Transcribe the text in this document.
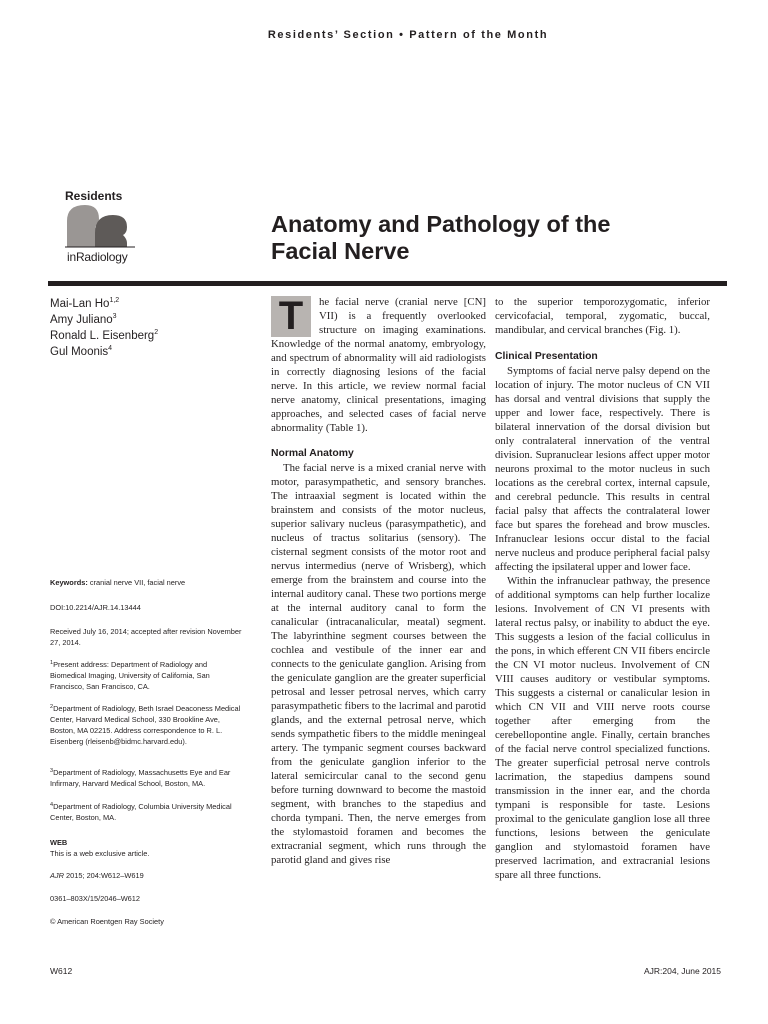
Residents’ Section • Pattern of the Month
Residents
inRadiology
Anatomy and Pathology of the
Facial Nerve
Mai-Lan Ho$^{1,2}$
Amy Juliano$^3$
Ronald L. Eisenberg$^2$
Gul Moonis$^4$
Keywords: cranial nerve VII, facial nerve
DOI:10.2214/AJR.14.13444
Received July 16, 2014; accepted after revision November 27, 2014.
$^1$Present address: Department of Radiology and Biomedical Imaging, University of California, San Francisco, San Francisco, CA.
$^2$Department of Radiology, Beth Israel Deaconess Medical Center, Harvard Medical School, 330 Brookline Ave, Boston, MA 02215. Address correspondence to R. L. Eisenberg (rleisenb@bidmc.harvard.edu).
$^3$Department of Radiology, Massachusetts Eye and Ear Infirmary, Harvard Medical School, Boston, MA.
$^4$Department of Radiology, Columbia University Medical Center, Boston, MA.
WEB
This is a web exclusive article.
AJR 2015; 204:W612–W619
0361–803X/15/2046–W612
© American Roentgen Ray Society

T	he facial nerve (cranial nerve [CN] VII) is a frequently overlooked structure on imaging examinations. Knowledge of the normal anatomy, embryology, and spectrum of abnormality will aid radiologists in correctly diagnosing lesions of the facial nerve. In this article, we review normal facial nerve anatomy, clinical presentations, imaging approaches, and selected cases of facial nerve abnormality (Table 1).

Normal Anatomy

The facial nerve is a mixed cranial nerve with motor, parasympathetic, and sensory branches. The intraaxial segment is located within the brainstem and consists of the motor nucleus, superior salivary nucleus (parasympathetic), and nucleus of tractus solitarius (sensory). The cisternal segment consists of the motor root and nervus intermedius (nerve of Wrisberg), which emerge from the brainstem and course into the internal auditory canal. These two portions merge at the internal auditory canal to form the canalicular (intracanalicular, meatal) segment. The labyrinthine segment courses between the cochlea and vestibule of the inner ear and connects to the geniculate ganglion. Arising from the geniculate ganglion are the greater superficial petrosal and lesser petrosal nerves, which carry parasympathetic fibers to the lacrimal and parotid glands, and the external petrosal nerve, which sends sympathetic fibers to the middle meningeal artery. The tympanic segment courses backward from the geniculate ganglion inferior to the lateral semicircular canal to the second genu before turning downward to become the mastoid segment, with branches to the stapedius and chorda tympani. Then, the nerve emerges from the stylomastoid foramen and becomes the extracranial segment, which runs through the parotid gland and gives rise

to the superior temporozygomatic, inferior cervicofacial, temporal, zygomatic, buccal, mandibular, and cervical branches (Fig. 1).

Clinical Presentation

Symptoms of facial nerve palsy depend on the location of injury. The motor nucleus of CN VII has dorsal and ventral divisions that supply the upper and lower face, respectively. There is bilateral innervation of the dorsal division but only contralateral innervation of the ventral division. Supranuclear lesions affect upper motor neurons proximal to the motor nucleus in such locations as the cerebral cortex, internal capsule, and cerebral peduncle. This results in central facial palsy that affects the contralateral lower face but spares the forehead and brow muscles. Infranuclear lesions occur distal to the facial nerve nucleus and produce peripheral facial palsy affecting the ipsilateral upper and lower face.

Within the infranuclear pathway, the presence of additional symptoms can help further localize lesions. Involvement of CN VI presents with lateral rectus palsy, or inability to abduct the eye. This suggests a lesion of the facial colliculus in the pons, in which efferent CN VII fibers encircle the CN VI motor nucleus. Involvement of CN VIII causes auditory or vestibular symptoms. This suggests a cisternal or canalicular lesion in which CN VII and VIII nerve roots course together after emerging from the cerebellopontine angle. Finally, certain branches of the facial nerve control specialized functions. The greater superficial petrosal nerve controls lacrimation, the stapedius dampens sound transmission in the inner ear, and the chorda tympani is responsible for taste. Lesions proximal to the geniculate ganglion lose all three functions, lesions between the geniculate ganglion and stylomastoid foramen have preserved lacrimation, and extracranial lesions spare all three functions.

W612	AJR:204, June 2015
